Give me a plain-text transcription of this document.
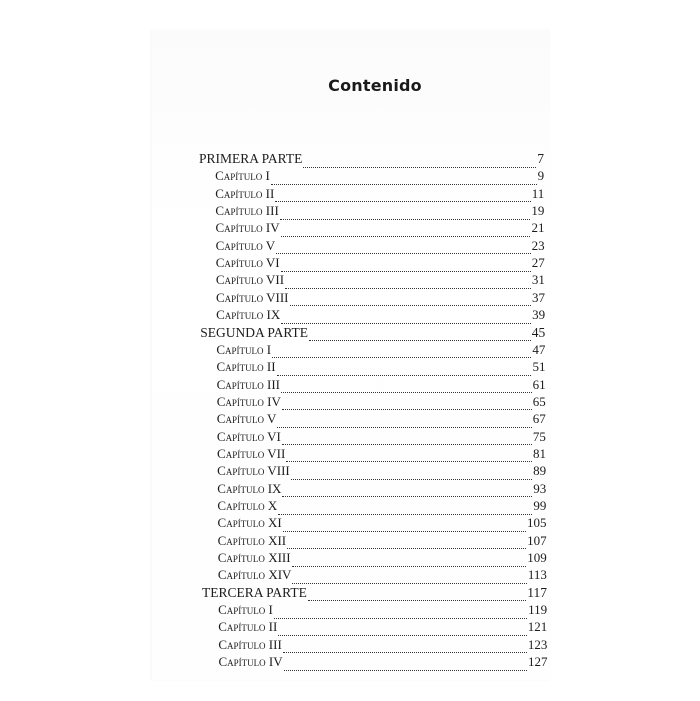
Contenido
PRIMERA PARTE	7
Capítulo I	9
Capítulo II	11
Capítulo III	19
Capítulo IV	21
Capítulo V	23
Capítulo VI	27
Capítulo VII	31
Capítulo VIII	37
Capítulo IX	39
SEGUNDA PARTE	45
Capítulo I	47
Capítulo II	51
Capítulo III	61
Capítulo IV	65
Capítulo V	67
Capítulo VI	75
Capítulo VII	81
Capítulo VIII	89
Capítulo IX	93
Capítulo X	99
Capítulo XI	105
Capítulo XII	107
Capítulo XIII	109
Capítulo XIV	113
TERCERA PARTE	117
Capítulo I	119
Capítulo II	121
Capítulo III	123
Capítulo IV	127
